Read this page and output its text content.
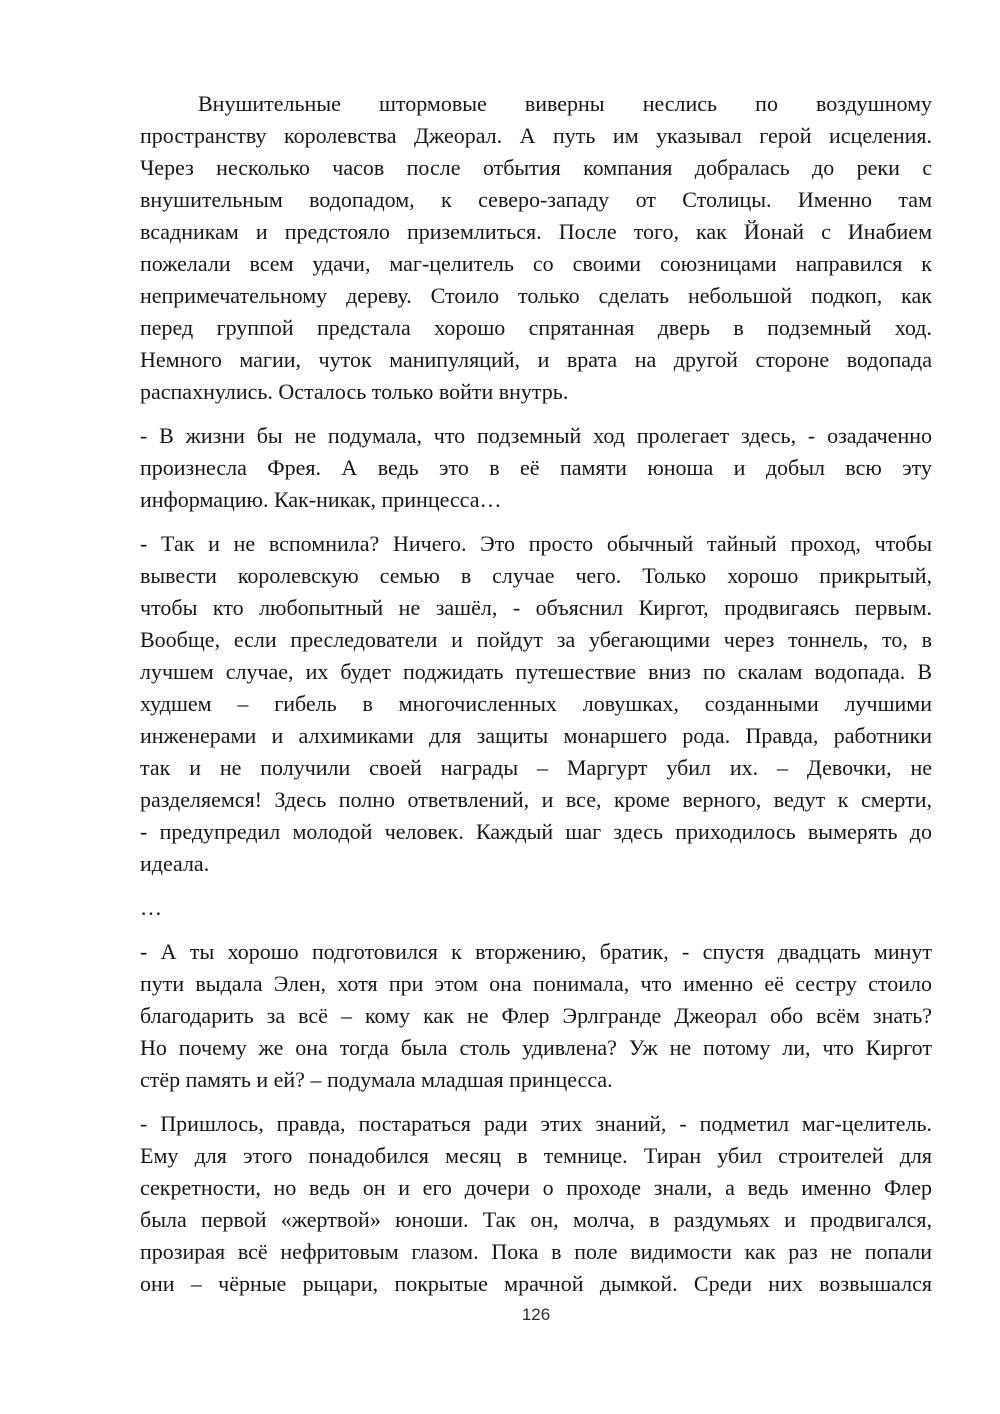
Внушительные штормовые виверны неслись по воздушному
пространству королевства Джеорал. А путь им указывал герой исцеления.
Через несколько часов после отбытия компания добралась до реки с
внушительным водопадом, к северо-западу от Столицы. Именно там
всадникам и предстояло приземлиться. После того, как Йонай с Инабием
пожелали всем удачи, маг-целитель со своими союзницами направился к
непримечательному дереву. Стоило только сделать небольшой подкоп, как
перед группой предстала хорошо спрятанная дверь в подземный ход.
Немного магии, чуток манипуляций, и врата на другой стороне водопада
распахнулись. Осталось только войти внутрь.
- В жизни бы не подумала, что подземный ход пролегает здесь, - озадаченно
произнесла Фрея. А ведь это в её памяти юноша и добыл всю эту
информацию. Как-никак, принцесса…
- Так и не вспомнила? Ничего. Это просто обычный тайный проход, чтобы
вывести королевскую семью в случае чего. Только хорошо прикрытый,
чтобы кто любопытный не зашёл, - объяснил Киргот, продвигаясь первым.
Вообще, если преследователи и пойдут за убегающими через тоннель, то, в
лучшем случае, их будет поджидать путешествие вниз по скалам водопада. В
худшем – гибель в многочисленных ловушках, созданными лучшими
инженерами и алхимиками для защиты монаршего рода. Правда, работники
так и не получили своей награды – Маргурт убил их. – Девочки, не
разделяемся! Здесь полно ответвлений, и все, кроме верного, ведут к смерти,
- предупредил молодой человек. Каждый шаг здесь приходилось вымерять до
идеала.
…
- А ты хорошо подготовился к вторжению, братик, - спустя двадцать минут
пути выдала Элен, хотя при этом она понимала, что именно её сестру стоило
благодарить за всё – кому как не Флер Эрлгранде Джеорал обо всём знать?
Но почему же она тогда была столь удивлена? Уж не потому ли, что Киргот
стёр память и ей? – подумала младшая принцесса.
- Пришлось, правда, постараться ради этих знаний, - подметил маг-целитель.
Ему для этого понадобился месяц в темнице. Тиран убил строителей для
секретности, но ведь он и его дочери о проходе знали, а ведь именно Флер
была первой «жертвой» юноши. Так он, молча, в раздумьях и продвигался,
прозирая всё нефритовым глазом. Пока в поле видимости как раз не попали
они – чёрные рыцари, покрытые мрачной дымкой. Среди них возвышался
126
